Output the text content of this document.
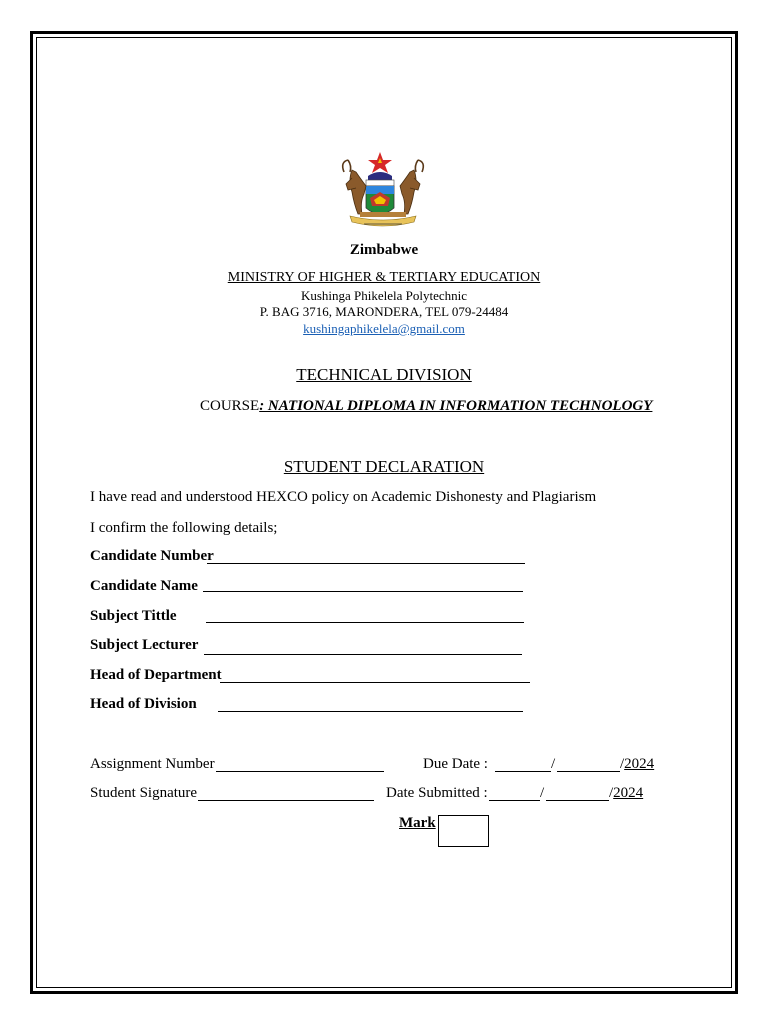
Zimbabwe
MINISTRY OF HIGHER & TERTIARY EDUCATION
Kushinga Phikelela Polytechnic
P. BAG 3716, MARONDERA, TEL 079-24484
kushingaphikelela@gmail.com
TECHNICAL DIVISION
COURSE: NATIONAL DIPLOMA IN INFORMATION TECHNOLOGY
STUDENT DECLARATION
I have read and understood HEXCO policy on Academic Dishonesty and Plagiarism
I confirm the following details;
Candidate Number
Candidate Name
Subject Tittle
Subject Lecturer
Head of Department
Head of Division
Assignment Number	Due Date :	/	/2024
Student Signature	Date Submitted :	/	/2024
Mark
